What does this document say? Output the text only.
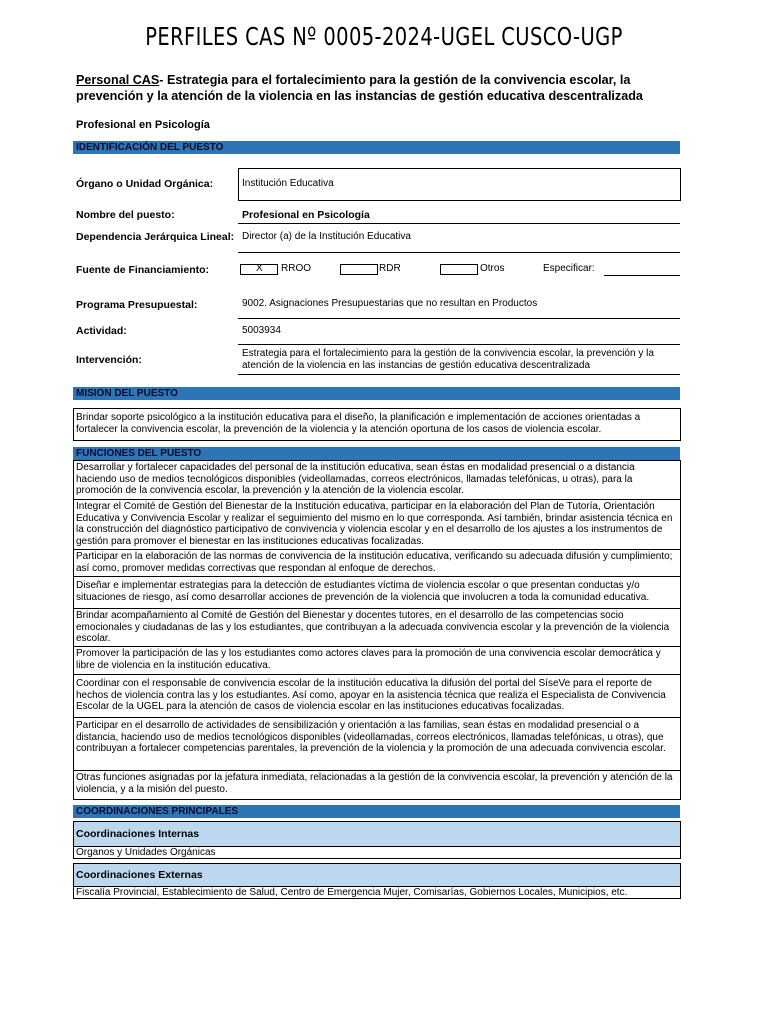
PERFILES CAS Nº 0005-2024-UGEL CUSCO-UGP
Personal CAS- Estrategia para el fortalecimiento para la gestión de la convivencia escolar, la prevención y la atención de la violencia en las instancias de gestión educativa descentralizada
Profesional en Psicología
IDENTIFICACIÓN DEL PUESTO
Órgano o Unidad Orgánica:	Institución Educativa
Nombre del puesto:	Profesional en Psicología
Dependencia Jerárquica Lineal: Director (a) de la Institución Educativa
Fuente de Financiamiento:	X RROO	RDR	Otros	Especificar:
Programa Presupuestal:	9002. Asignaciones Presupuestarias que no resultan en Productos
Actividad:	5003934
Intervención:
Estrategia para el fortalecimiento para la gestión de la convivencia escolar, la prevención y la atención de la violencia en las instancias de gestión educativa descentralizada
MISION DEL PUESTO
Brindar soporte psicológico a la institución educativa para el diseño, la planificación e implementación de acciones orientadas a fortalecer la convivencia escolar, la prevención de la violencia y la atención oportuna de los casos de violencia escolar.
FUNCIONES DEL PUESTO
Desarrollar y fortalecer capacidades del personal de la institución educativa, sean éstas en modalidad presencial o a distancia haciendo uso de medios tecnológicos disponibles (videollamadas, correos electrónicos, llamadas telefónicas, u otras), para la promoción de la convivencia escolar, la prevención y la atención de la violencia escolar.
Integrar el Comité de Gestión del Bienestar de la Institución educativa, participar en la elaboración del Plan de Tutoría, Orientación Educativa y Convivencia Escolar y realizar el seguimiento del mismo en lo que corresponda. Así también, brindar asistencia técnica en la construcción del diagnóstico participativo de convivencia y violencia escolar y en el desarrollo de los ajustes a los instrumentos de gestión para promover el bienestar en las instituciones educativas focalizadas.
Participar en la elaboración de las normas de convivencia de la institución educativa, verificando su adecuada difusión y cumplimiento; así como, promover medidas correctivas que respondan al enfoque de derechos.
Diseñar e implementar estrategias para la detección de estudiantes víctima de violencia escolar o que presentan conductas y/o situaciones de riesgo, así como desarrollar acciones de prevención de la violencia que involucren a toda la comunidad educativa.
Brindar acompañamiento al Comité de Gestión del Bienestar y docentes tutores, en el desarrollo de las competencias socio emocionales y ciudadanas de las y los estudiantes, que contribuyan a la adecuada convivencia escolar y la prevención de la violencia escolar.
Promover la participación de las y los estudiantes como actores claves para la promoción de una convivencia escolar democrática y libre de violencia en la institución educativa.
Coordinar con el responsable de convivencia escolar de la institución educativa la difusión del portal del SíseVe para el reporte de hechos de violencia contra las y los estudiantes. Así como, apoyar en la asistencia técnica que realiza el Especialista de Convivencia Escolar de la UGEL para la atención de casos de violencia escolar en las instituciones educativas focalizadas.
Participar en el desarrollo de actividades de sensibilización y orientación a las familias, sean éstas en modalidad presencial o a distancia, haciendo uso de medios tecnológicos disponibles (videollamadas, correos electrónicos, llamadas telefónicas, u otras), que contribuyan a fortalecer competencias parentales, la prevención de la violencia y la promoción de una adecuada convivencia escolar.
Otras funciones asignadas por la jefatura inmediata, relacionadas a la gestión de la convivencia escolar, la prevención y atención de la violencia, y a la misión del puesto.
COORDINACIONES PRINCIPALES
Coordinaciones Internas
Organos y Unidades Orgánicas
Coordinaciones Externas
Fiscalía Provincial, Establecimiento de Salud, Centro de Emergencia Mujer, Comisarías, Gobiernos Locales, Municipios, etc.
